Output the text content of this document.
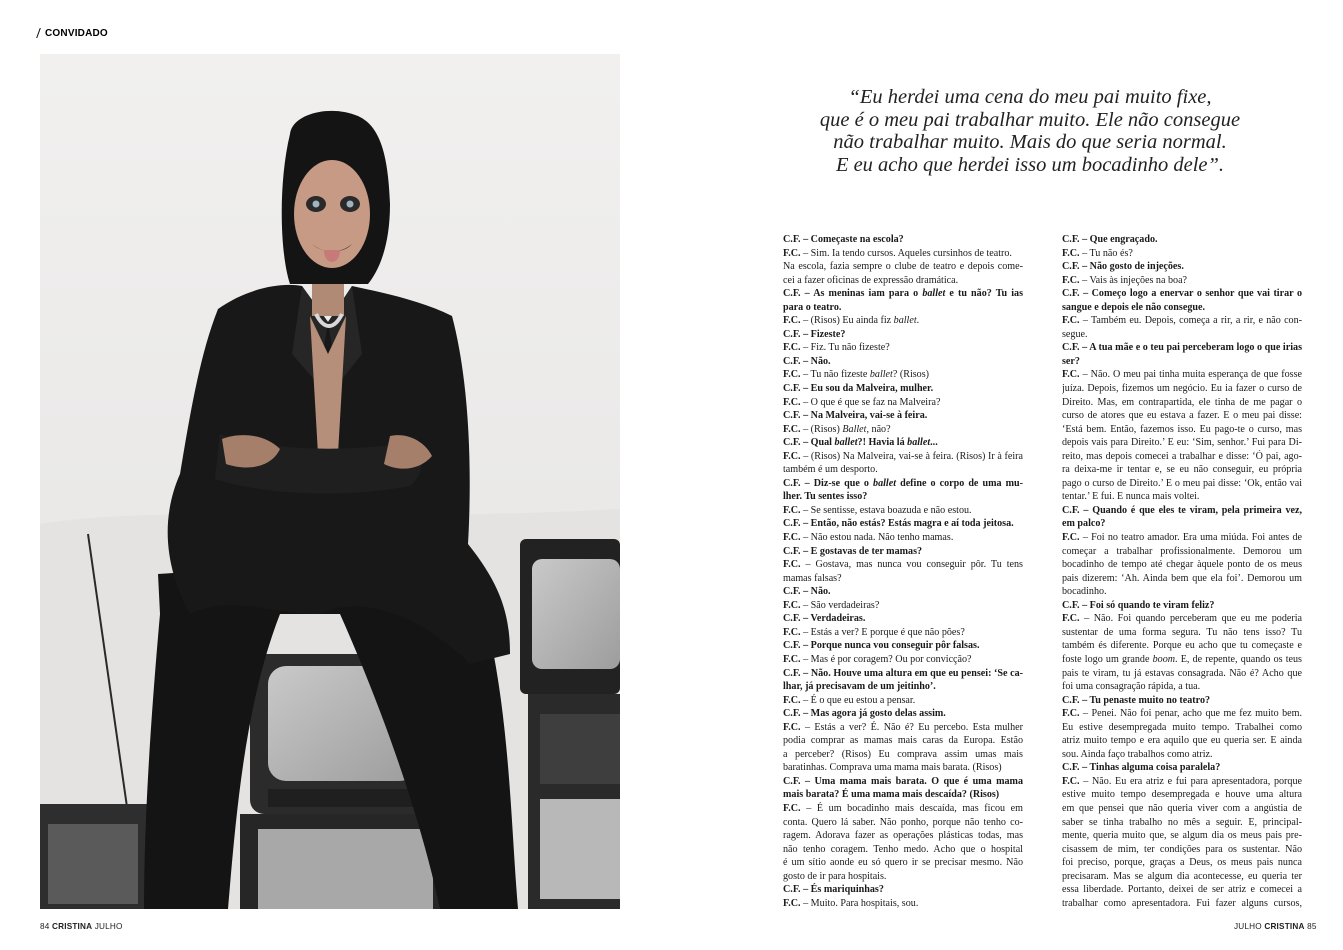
CONVIDADO
“Eu herdei uma cena do meu pai muito fixe,
que é o meu pai trabalhar muito. Ele não consegue
não trabalhar muito. Mais do que seria normal.
E eu acho que herdei isso um bocadinho dele”.
C.F. – Começaste na escola?
F.C. – Sim. Ia tendo cursos. Aqueles cursinhos de teatro.
Na escola, fazia sempre o clube de teatro e depois come-
cei a fazer oficinas de expressão dramática.
C.F. – As meninas iam para o ballet e tu não? Tu ias
para o teatro.
F.C. – (Risos) Eu ainda fiz ballet.
C.F. – Fizeste?
F.C. – Fiz. Tu não fizeste?
C.F. – Não.
F.C. – Tu não fizeste ballet? (Risos)
C.F. – Eu sou da Malveira, mulher.
F.C. – O que é que se faz na Malveira?
C.F. – Na Malveira, vai-se à feira.
F.C. – (Risos) Ballet, não?
C.F. – Qual ballet?! Havia lá ballet...
F.C. – (Risos) Na Malveira, vai-se à feira. (Risos) Ir à feira
também é um desporto.
C.F. – Diz-se que o ballet define o corpo de uma mu-
lher. Tu sentes isso?
F.C. – Se sentisse, estava boazuda e não estou.
C.F. – Então, não estás? Estás magra e aí toda jeitosa.
F.C. – Não estou nada. Não tenho mamas.
C.F. – E gostavas de ter mamas?
F.C. – Gostava, mas nunca vou conseguir pôr. Tu tens
mamas falsas?
C.F. – Não.
F.C. – São verdadeiras?
C.F. – Verdadeiras.
F.C. – Estás a ver? E porque é que não pões?
C.F. – Porque nunca vou conseguir pôr falsas.
F.C. – Mas é por coragem? Ou por convicção?
C.F. – Não. Houve uma altura em que eu pensei: ‘Se ca-
lhar, já precisavam de um jeitinho’.
F.C. – É o que eu estou a pensar.
C.F. – Mas agora já gosto delas assim.
F.C. – Estás a ver? É. Não é? Eu percebo. Esta mulher
podia comprar as mamas mais caras da Europa. Estão
a perceber? (Risos) Eu comprava assim umas mais
baratinhas. Comprava uma mama mais barata. (Risos)
C.F. – Uma mama mais barata. O que é uma mama
mais barata? É uma mama mais descaída? (Risos)
F.C. – É um bocadinho mais descaída, mas ficou em
conta. Quero lá saber. Não ponho, porque não tenho co-
ragem. Adorava fazer as operações plásticas todas, mas
não tenho coragem. Tenho medo. Acho que o hospital
é um sítio aonde eu só quero ir se precisar mesmo. Não
gosto de ir para hospitais.
C.F. – És mariquinhas?
F.C. – Muito. Para hospitais, sou.
C.F. – Que engraçado.
F.C. – Tu não és?
C.F. – Não gosto de injeções.
F.C. – Vais às injeções na boa?
C.F. – Começo logo a enervar o senhor que vai tirar o
sangue e depois ele não consegue.
F.C. – Também eu. Depois, começa a rir, a rir, e não con-
segue.
C.F. – A tua mãe e o teu pai perceberam logo o que irias
ser?
F.C. – Não. O meu pai tinha muita esperança de que fosse
juíza. Depois, fizemos um negócio. Eu ia fazer o curso de
Direito. Mas, em contrapartida, ele tinha de me pagar o
curso de atores que eu estava a fazer. E o meu pai disse:
‘Está bem. Então, fazemos isso. Eu pago-te o curso, mas
depois vais para Direito.’ E eu: ‘Sim, senhor.’ Fui para Di-
reito, mas depois comecei a trabalhar e disse: ‘Ó pai, ago-
ra deixa-me ir tentar e, se eu não conseguir, eu própria
pago o curso de Direito.’ E o meu pai disse: ‘Ok, então vai
tentar.’ E fui. E nunca mais voltei.
C.F. – Quando é que eles te viram, pela primeira vez,
em palco?
F.C. – Foi no teatro amador. Era uma miúda. Foi antes de
começar a trabalhar profissionalmente. Demorou um
bocadinho de tempo até chegar àquele ponto de os meus
pais dizerem: ‘Ah. Ainda bem que ela foi’. Demorou um
bocadinho.
C.F. – Foi só quando te viram feliz?
F.C. – Não. Foi quando perceberam que eu me poderia
sustentar de uma forma segura. Tu não tens isso? Tu
também és diferente. Porque eu acho que tu começaste e
foste logo um grande boom. E, de repente, quando os teus
pais te viram, tu já estavas consagrada. Não é? Acho que
foi uma consagração rápida, a tua.
C.F. – Tu penaste muito no teatro?
F.C. – Penei. Não foi penar, acho que me fez muito bem.
Eu estive desempregada muito tempo. Trabalhei como
atriz muito tempo e era aquilo que eu queria ser. E ainda
sou. Ainda faço trabalhos como atriz.
C.F. – Tinhas alguma coisa paralela?
F.C. – Não. Eu era atriz e fui para apresentadora, porque
estive muito tempo desempregada e houve uma altura
em que pensei que não queria viver com a angústia de
saber se tinha trabalho no mês a seguir. E, principal-
mente, queria muito que, se algum dia os meus pais pre-
cisassem de mim, ter condições para os sustentar. Não
foi preciso, porque, graças a Deus, os meus pais nunca
precisaram. Mas se algum dia acontecesse, eu queria ter
essa liberdade. Portanto, deixei de ser atriz e comecei a
trabalhar como apresentadora. Fui fazer alguns cursos,
84 CRISTINA JULHO	JULHO CRISTINA 85
